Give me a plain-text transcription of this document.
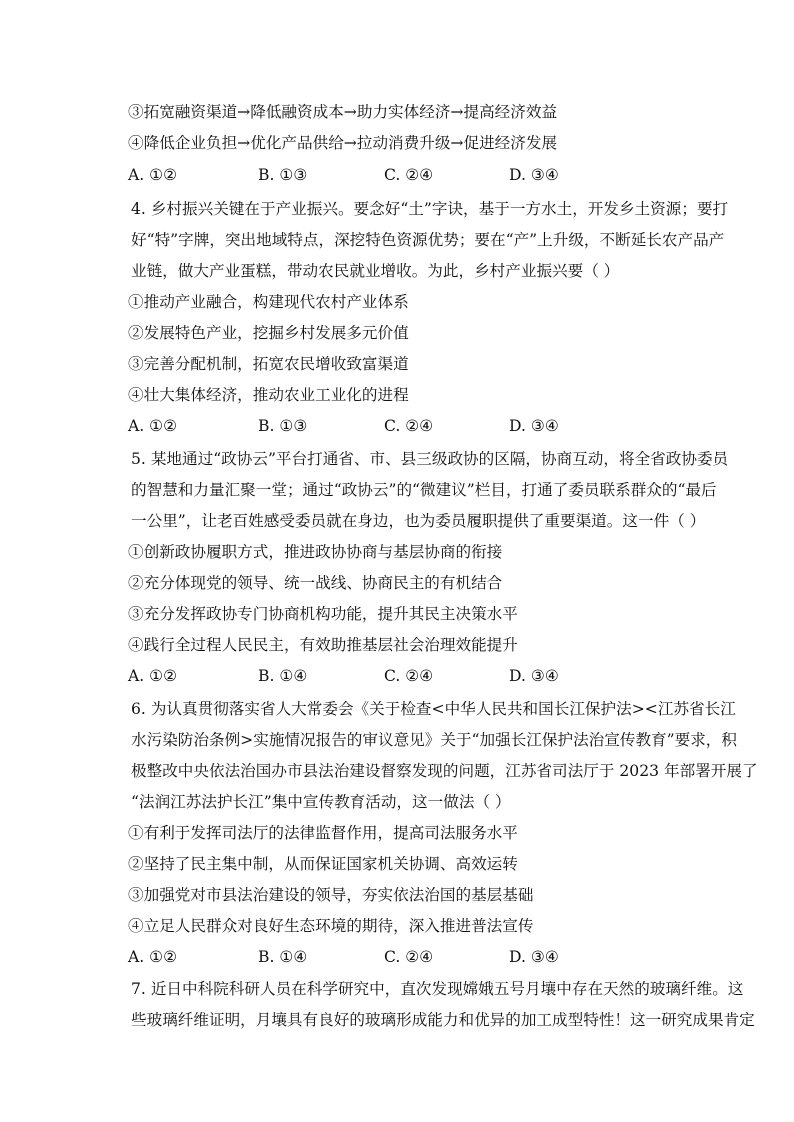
③拓宽融资渠道→降低融资成本→助力实体经济→提高经济效益
④降低企业负担→优化产品供给→拉动消费升级→促进经济发展
A. ①②	B. ①③	C. ②④	D. ③④
4. 乡村振兴关键在于产业振兴。要念好“土”字诀，基于一方水土，开发乡土资源；要打
好“特”字牌，突出地域特点，深挖特色资源优势；要在“产”上升级，不断延长农产品产
业链，做大产业蛋糕，带动农民就业增收。为此，乡村产业振兴要（ ）
①推动产业融合，构建现代农村产业体系
②发展特色产业，挖掘乡村发展多元价值
③完善分配机制，拓宽农民增收致富渠道
④壮大集体经济，推动农业工业化的进程
A. ①②	B. ①③	C. ②④	D. ③④
5. 某地通过“政协云”平台打通省、市、县三级政协的区隔，协商互动，将全省政协委员
的智慧和力量汇聚一堂；通过“政协云”的“微建议”栏目，打通了委员联系群众的“最后
一公里”，让老百姓感受委员就在身边，也为委员履职提供了重要渠道。这一件（ ）
①创新政协履职方式，推进政协协商与基层协商的衔接
②充分体现党的领导、统一战线、协商民主的有机结合
③充分发挥政协专门协商机构功能，提升其民主决策水平
④践行全过程人民民主，有效助推基层社会治理效能提升
A. ①②	B. ①④	C. ②④	D. ③④
6. 为认真贯彻落实省人大常委会《关于检查<中华人民共和国长江保护法><江苏省长江
水污染防治条例>实施情况报告的审议意见》关于“加强长江保护法治宣传教育”要求，积
极整改中央依法治国办市县法治建设督察发现的问题，江苏省司法厅于 2023 年部署开展了
“法润江苏法护长江”集中宣传教育活动，这一做法（ ）
①有利于发挥司法厅的法律监督作用，提高司法服务水平
②坚持了民主集中制，从而保证国家机关协调、高效运转
③加强党对市县法治建设的领导，夯实依法治国的基层基础
④立足人民群众对良好生态环境的期待，深入推进普法宣传
A. ①②	B. ①④	C. ②④	D. ③④
7. 近日中科院科研人员在科学研究中，直次发现嫦娥五号月壤中存在天然的玻璃纤维。这
些玻璃纤维证明，月壤具有良好的玻璃形成能力和优异的加工成型特性！这一研究成果肯定
